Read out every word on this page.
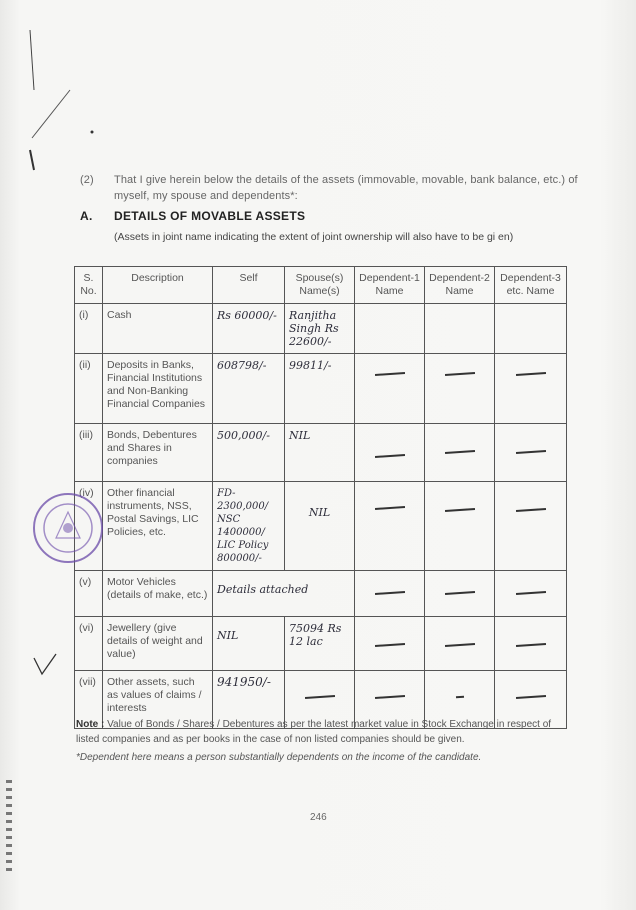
(2) That I give herein below the details of the assets (immovable, movable, bank balance, etc.) of myself, my spouse and dependents*:
A. DETAILS OF MOVABLE ASSETS
(Assets in joint name indicating the extent of joint ownership will also have to be gi en)
S. No.	Description	Self	Spouse(s) Name(s)	Dependent-1 Name	Dependent-2 Name	Dependent-3 etc. Name
(i)	Cash	Rs 60000/-	Ranjitha Singh Rs 22600/-			
(ii)	Deposits in Banks, Financial Institutions and Non-Banking Financial Companies	608798/-	99811/-	

(iii)	Bonds, Debentures and Shares in companies	500,000/-	NIL	

(iv)	Other financial instruments, NSS, Postal Savings, LIC Policies, etc.	FD-2300,000/ NSC 1400000/ LIC Policy 800000/-	NIL	

(v)	Motor Vehicles (details of make, etc.)	Details attached		

(vi)	Jewellery (give details of weight and value)	NIL	75094 Rs 12 lac	

(vii)	Other assets, such as values of claims / interests	941950/-	

Note : Value of Bonds / Shares / Debentures as per the latest market value in Stock Exchange in respect of listed companies and as per books in the case of non listed companies should be given.
*Dependent here means a person substantially dependents on the income of the candidate.
246
